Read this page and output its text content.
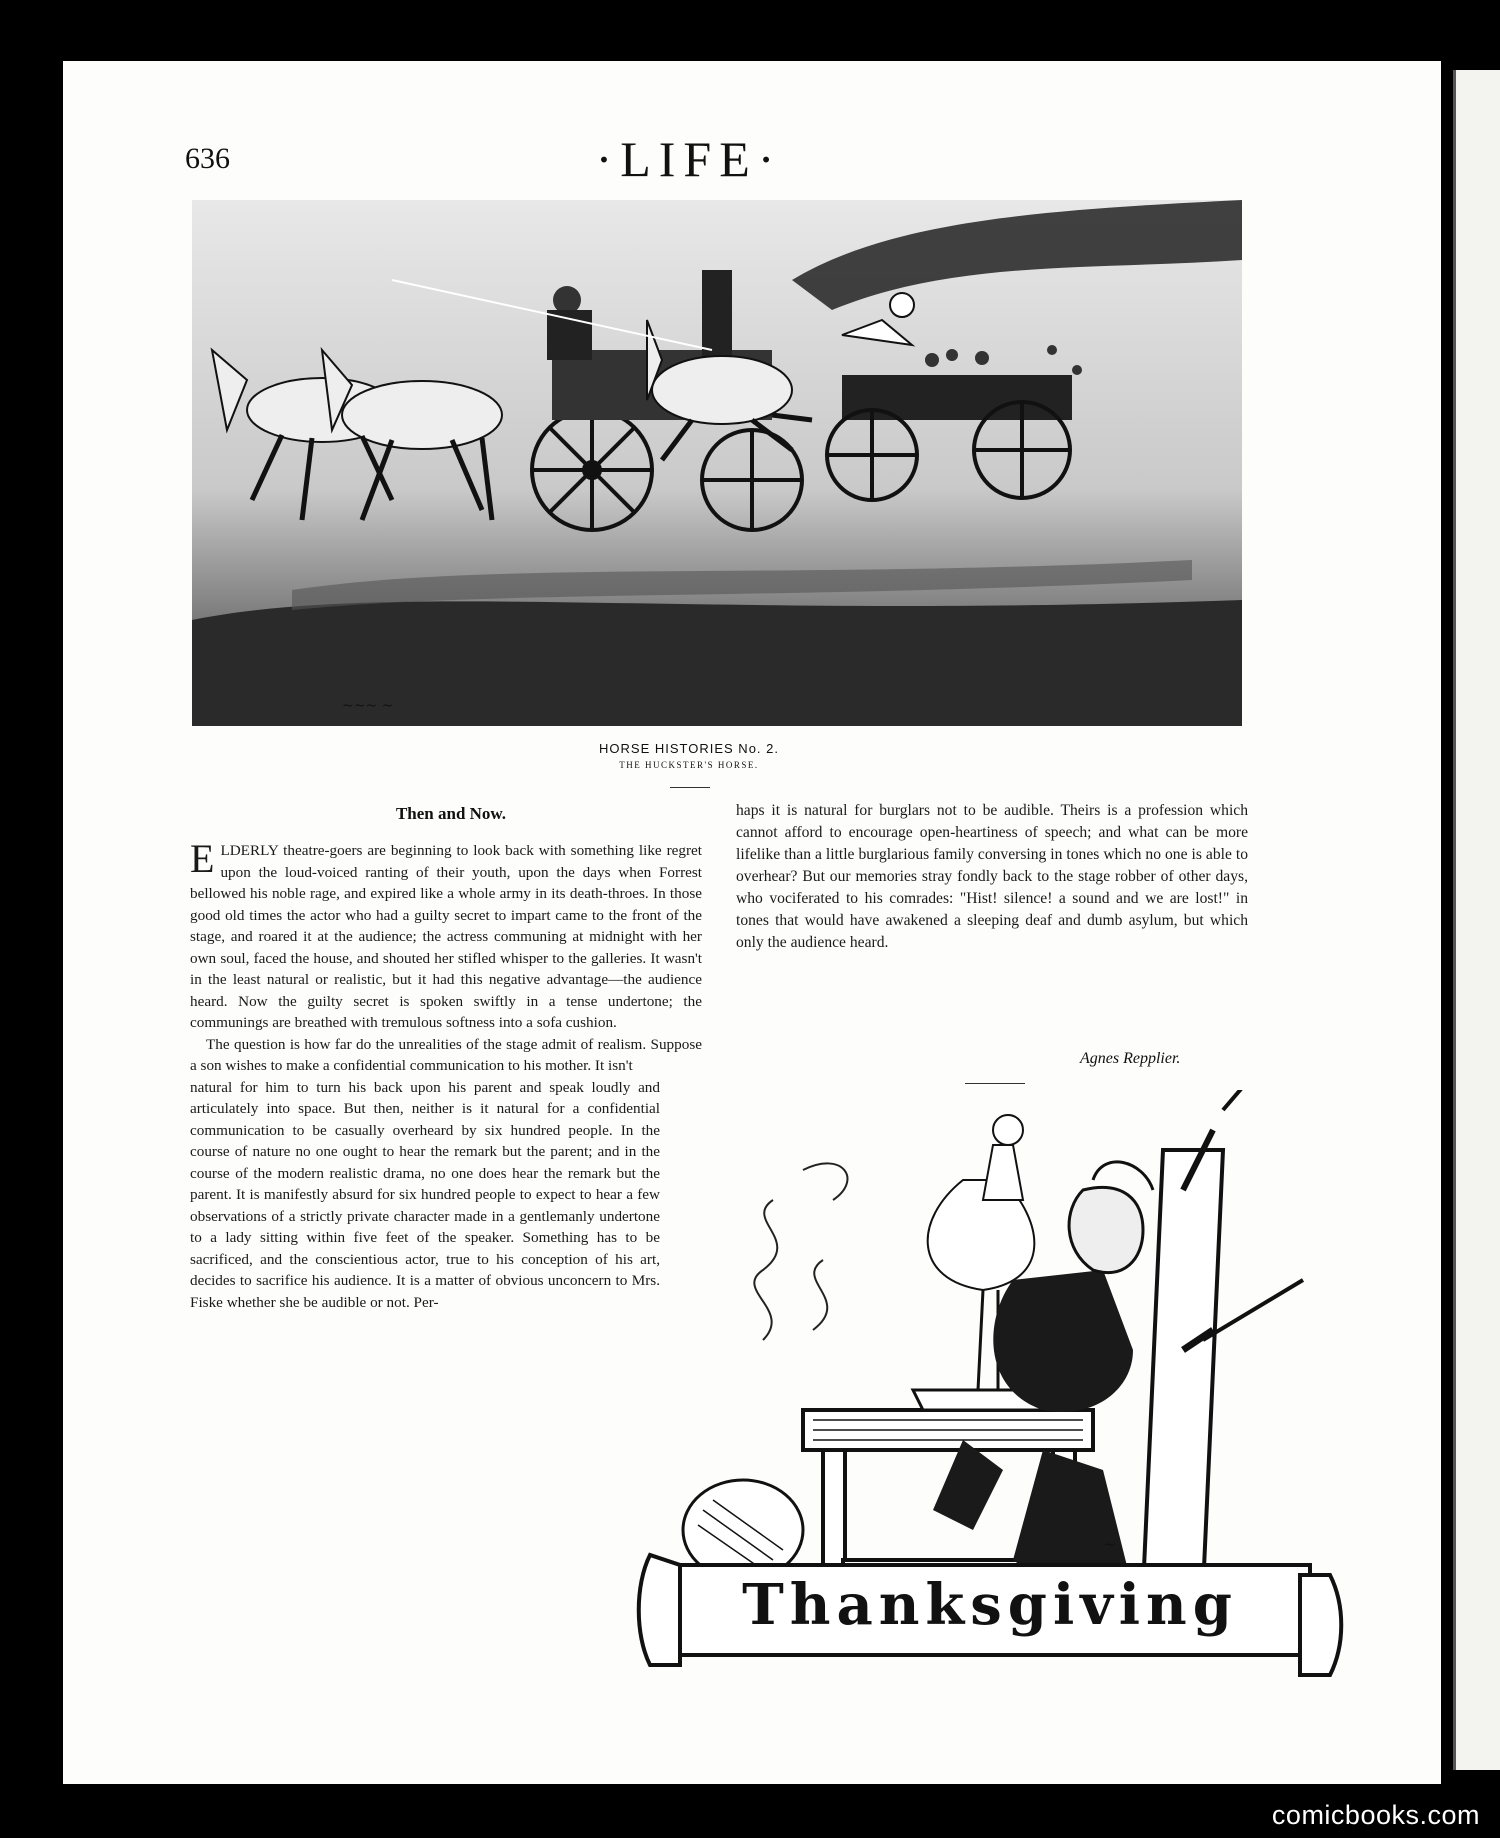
636	·LIFE·
~~~ ~
HORSE HISTORIES No. 2.
THE HUCKSTER'S HORSE.
Then and Now.

ELDERLY theatre-goers are beginning to look back with something like regret upon the loud-voiced ranting of their youth, upon the days when Forrest bellowed his noble rage, and expired like a whole army in its death-throes. In those good old times the actor who had a guilty secret to impart came to the front of the stage, and roared it at the audience; the actress communing at midnight with her own soul, faced the house, and shouted her stifled whisper to the galleries. It wasn't in the least natural or realistic, but it had this negative advantage—the audience heard. Now the guilty secret is spoken swiftly in a tense undertone; the communings are breathed with tremulous softness into a sofa cushion.

The question is how far do the unrealities of the stage admit of realism. Suppose a son wishes to make a confidential communication to his mother. It isn't

natural for him to turn his back upon his parent and speak loudly and articulately into space. But then, neither is it natural for a confidential communication to be casually overheard by six hundred people. In the course of nature no one ought to hear the remark but the parent; and in the course of the modern realistic drama, no one does hear the remark but the parent. It is manifestly absurd for six hundred people to expect to hear a few observations of a strictly private character made in a gentlemanly undertone to a lady sitting within five feet of the speaker. Something has to be sacrificed, and the conscientious actor, true to his conception of his art, decides to sacrifice his audience. It is a matter of obvious unconcern to Mrs. Fiske whether she be audible or not. Per-

haps it is natural for burglars not to be audible. Theirs is a profession which cannot afford to encourage open-heartiness of speech; and what can be more lifelike than a little burglarious family conversing in tones which no one is able to overhear? But our memories stray fondly back to the stage robber of other days, who vociferated to his comrades: "Hist! silence! a sound and we are lost!" in tones that would have awakened a sleeping deaf and dumb asylum, but which only the audience heard.

Agnes Repplier.
~
Thanksgiving
comicbooks.com
